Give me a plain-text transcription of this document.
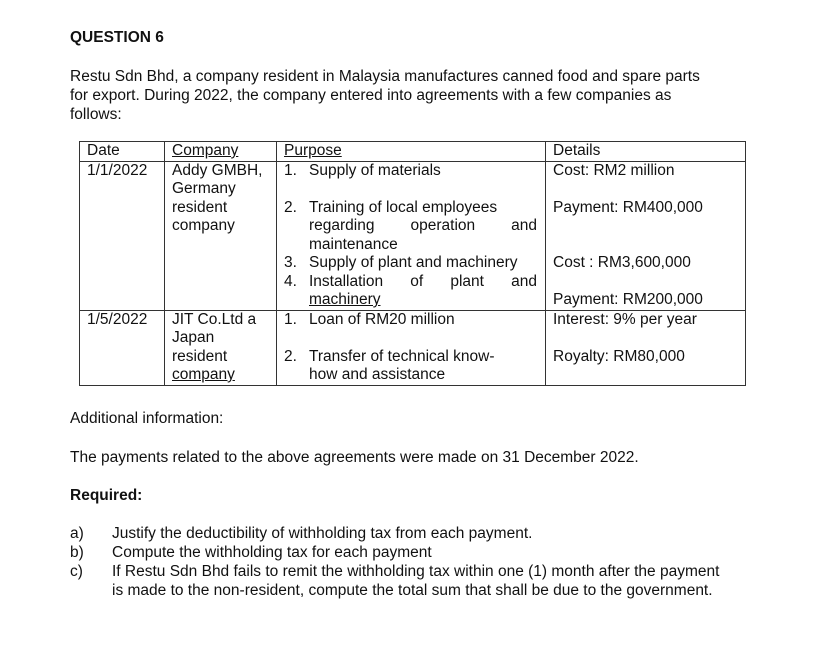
QUESTION 6
Restu Sdn Bhd, a company resident in Malaysia manufactures canned food and spare parts
for export. During 2022, the company entered into agreements with a few companies as
follows:
Date	Company	Purpose	Details
1/1/2022	Addy GMBH,	1. Supply of materials	Cost: RM2 million
	Germany	

	resident	2. Training of local employees	Payment: RM400,000
	company	regarding operation and	

		maintenance	

		3. Supply of plant and machinery	Cost : RM3,600,000

		4. Installation of plant and	

		machinery	Payment: RM200,000
1/5/2022	JIT Co.Ltd a	1. Loan of RM20 million	Interest: 9% per year
	Japan	

	resident	2. Transfer of technical know-	Royalty: RM80,000
	company	how and assistance	

Additional information:
The payments related to the above agreements were made on 31 December 2022.
Required:
a)	Justify the deductibility of withholding tax from each payment.
b)	Compute the withholding tax for each payment
c)	If Restu Sdn Bhd fails to remit the withholding tax within one (1) month after the payment
is made to the non-resident, compute the total sum that shall be due to the government.
